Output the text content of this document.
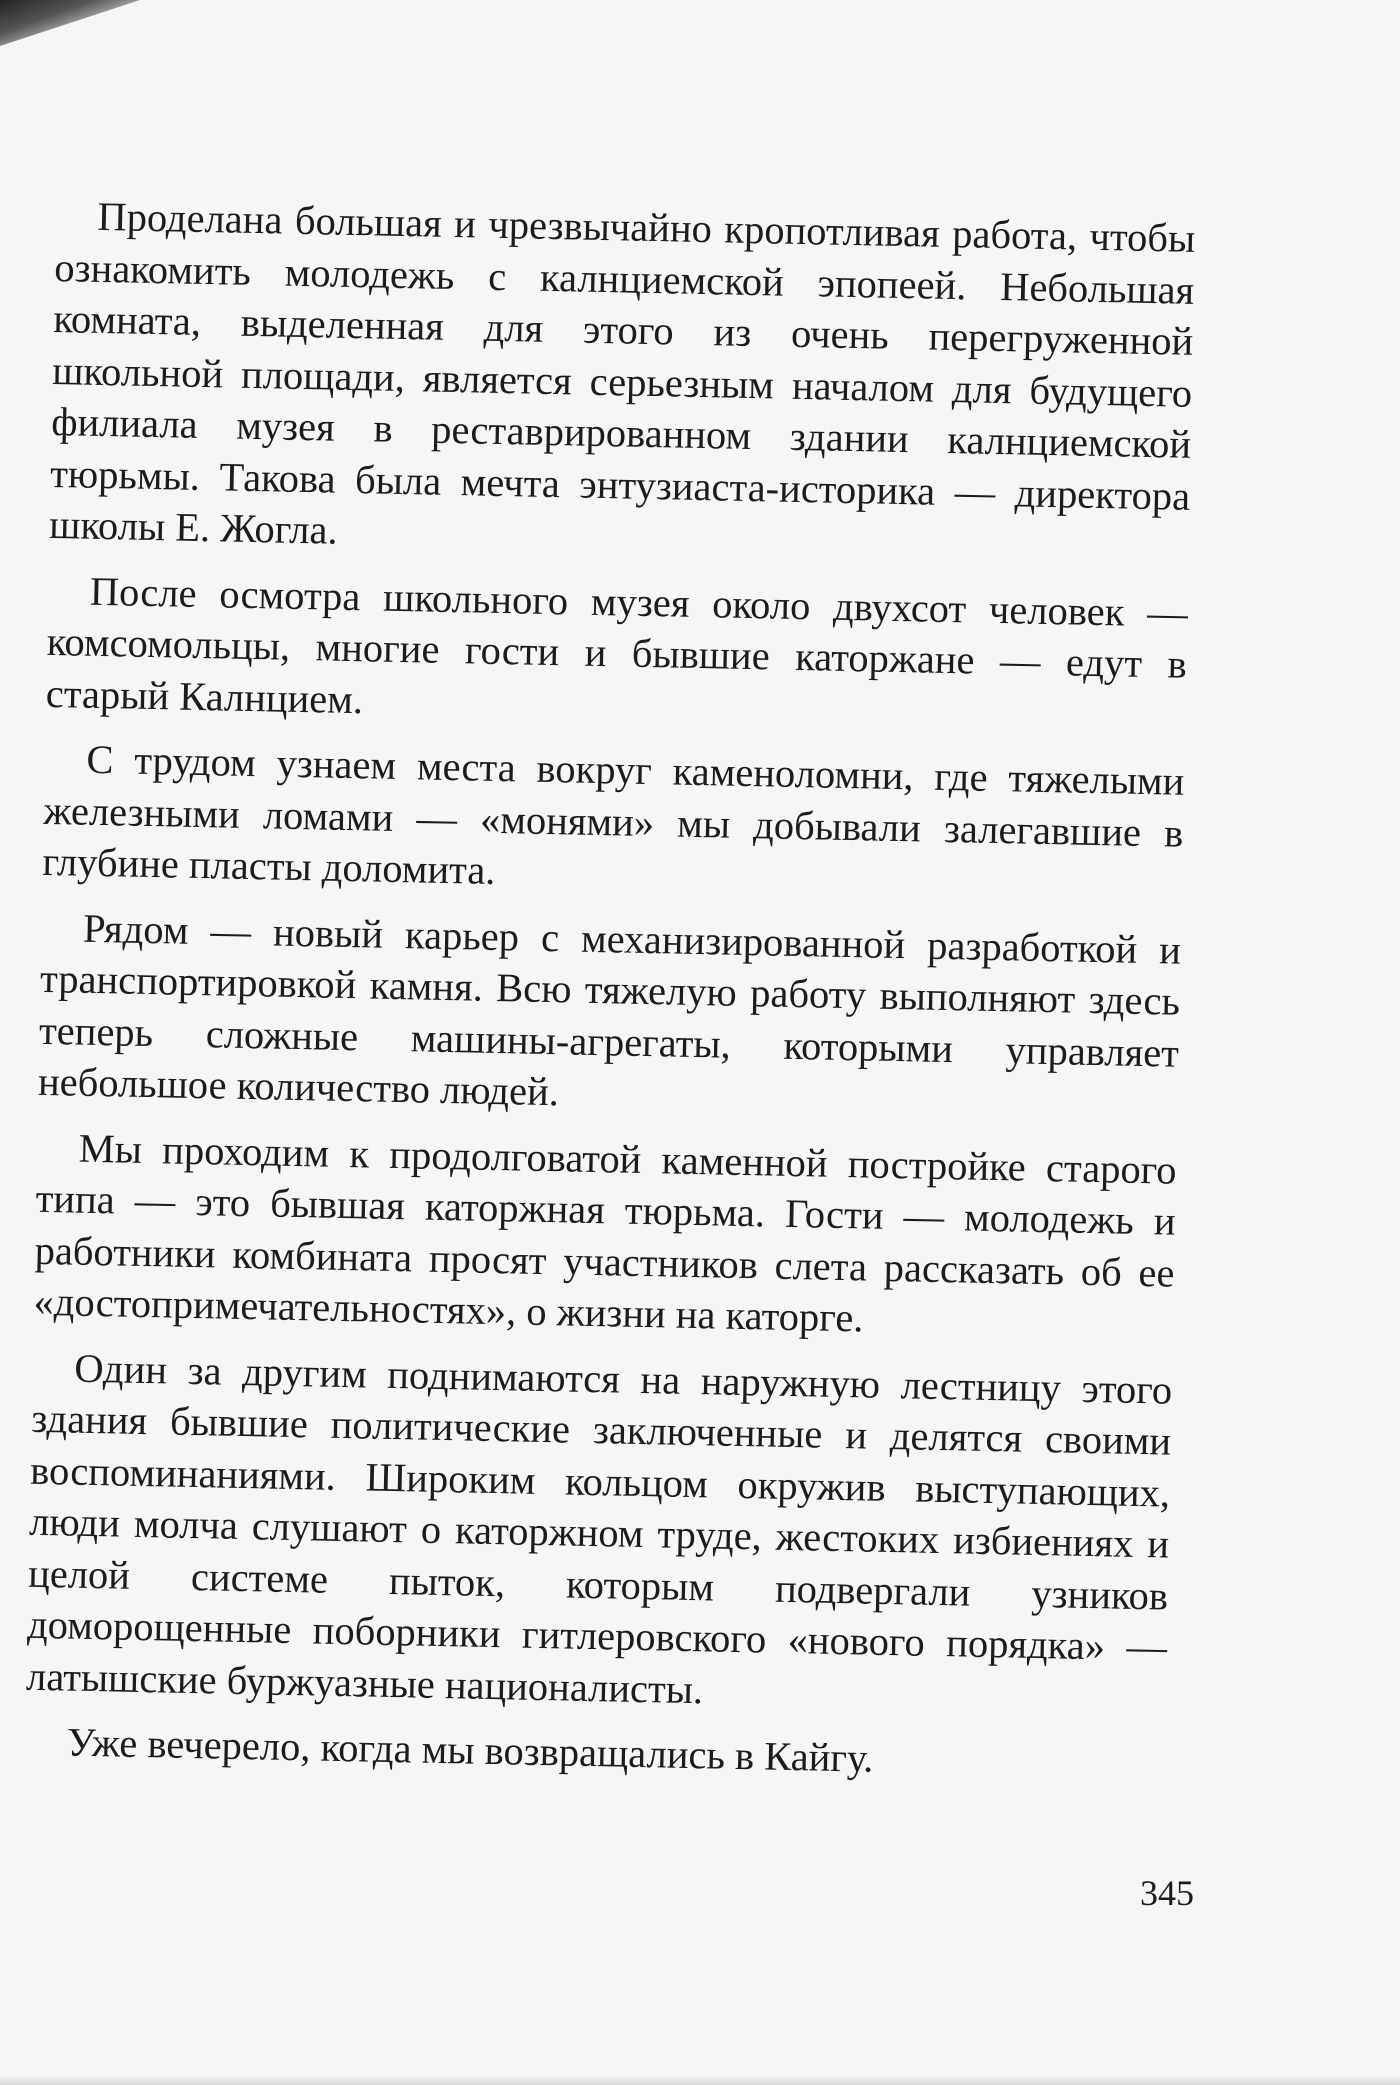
Проделана большая и чрезвычайно кропотливая работа, чтобы ознакомить молодежь с калнциемской эпопеей. Небольшая комната, выделенная для этого из очень перегруженной школьной площади, является серьезным началом для будущего филиала музея в реставрированном здании калнциемской тюрьмы. Такова была мечта энтузиаста-историка — директора школы Е. Жогла.

После осмотра школьного музея около двухсот человек — комсомольцы, многие гости и бывшие каторжане — едут в старый Калнцием.

С трудом узнаем места вокруг каменоломни, где тяжелыми железными ломами — «монями» мы добывали залегавшие в глубине пласты доломита.

Рядом — новый карьер с механизированной разработкой и транспортировкой камня. Всю тяжелую работу выполняют здесь теперь сложные машины-агрегаты, которыми управляет небольшое количество людей.

Мы проходим к продолговатой каменной постройке старого типа — это бывшая каторжная тюрьма. Гости — молодежь и работники комбината просят участников слета рассказать об ее «достопримечательностях», о жизни на каторге.

Один за другим поднимаются на наружную лестницу этого здания бывшие политические заключенные и делятся своими воспоминаниями. Широким кольцом окружив выступающих, люди молча слушают о каторжном труде, жестоких избиениях и целой системе пыток, которым подвергали узников доморощенные поборники гитлеровского «нового порядка» — латышские буржуазные националисты.

Уже вечерело, когда мы возвращались в Кайгу.

345
